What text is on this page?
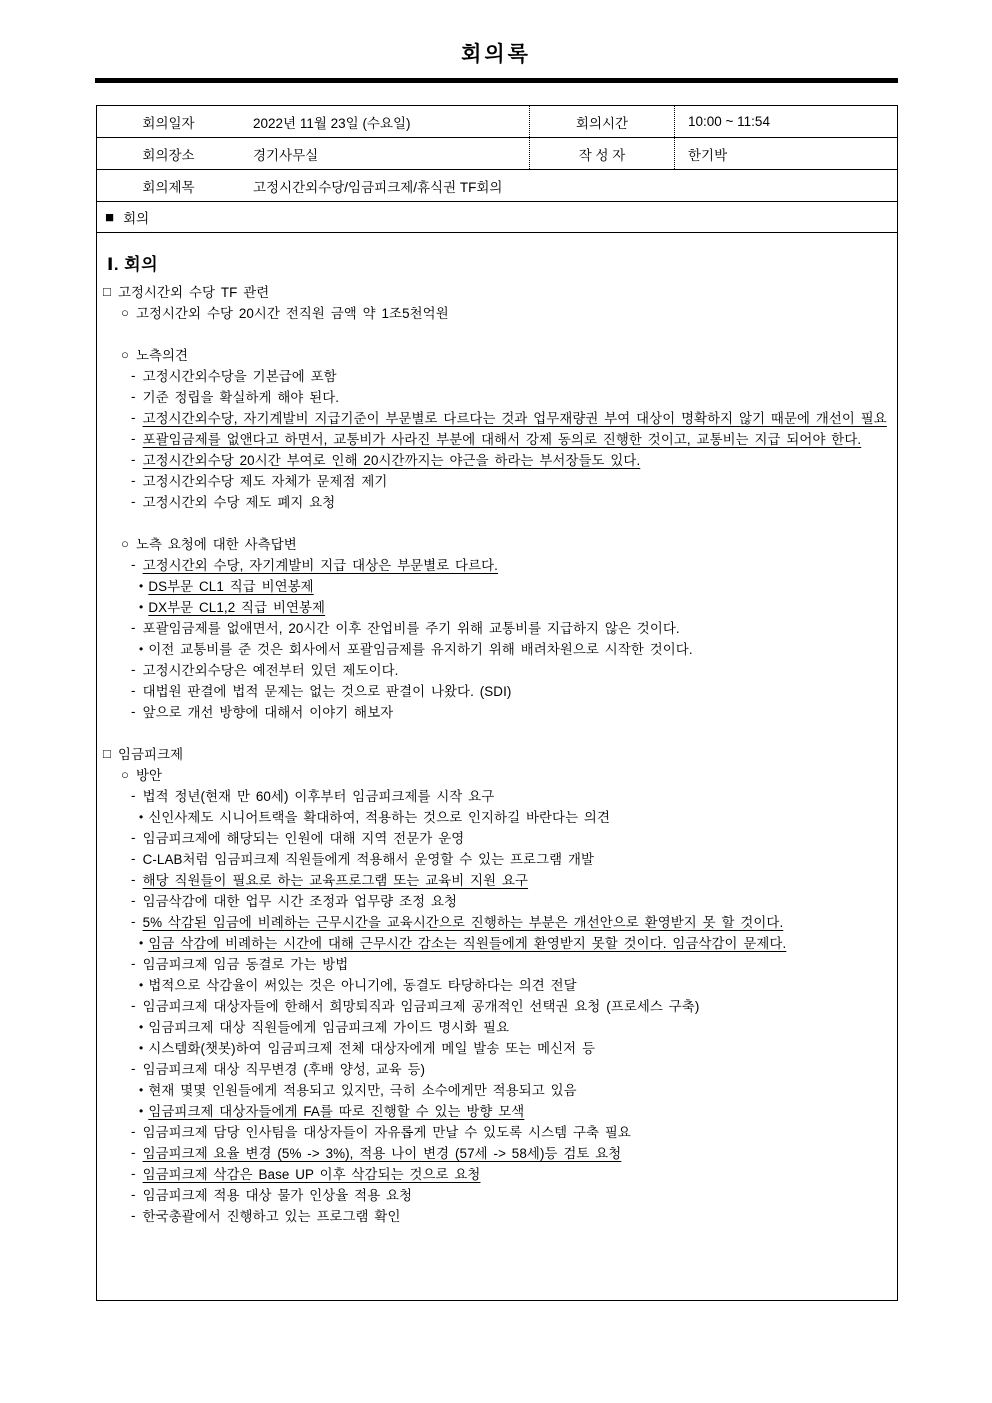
회의록
회의일자	2022년 11월 23일 (수요일)	회의시간	10:00 ~ 11:54
회의장소	경기사무실	작 성 자	한기박
회의제목	고정시간외수당/임금피크제/휴식권 TF회의
■ 회의
Ⅰ. 회의
□ 고정시간외 수당 TF 관련
○ 고정시간외 수당 20시간 전직원 금액 약 1조5천억원
○ 노측의견
- 고정시간외수당을 기본급에 포함
- 기준 정립을 확실하게 해야 된다.
- 고정시간외수당, 자기계발비 지급기준이 부문별로 다르다는 것과 업무재량권 부여 대상이 명확하지 않기 때문에 개선이 필요
- 포괄임금제를 없앤다고 하면서, 교통비가 사라진 부분에 대해서 강제 동의로 진행한 것이고, 교통비는 지급 되어야 한다.
- 고정시간외수당 20시간 부여로 인해 20시간까지는 야근을 하라는 부서장들도 있다.
- 고정시간외수당 제도 자체가 문제점 제기
- 고정시간외 수당 제도 폐지 요청
○ 노측 요청에 대한 사측답변
- 고정시간외 수당, 자기계발비 지급 대상은 부문별로 다르다.
• DS부문 CL1 직급 비연봉제
• DX부문 CL1,2 직급 비연봉제
- 포괄임금제를 없애면서, 20시간 이후 잔업비를 주기 위해 교통비를 지급하지 않은 것이다.
• 이전 교통비를 준 것은 회사에서 포괄임금제를 유지하기 위해 배려차원으로 시작한 것이다.
- 고정시간외수당은 예전부터 있던 제도이다.
- 대법원 판결에 법적 문제는 없는 것으로 판결이 나왔다. (SDI)
- 앞으로 개선 방향에 대해서 이야기 해보자
□ 임금피크제
○ 방안
- 법적 정년(현재 만 60세) 이후부터 임금피크제를 시작 요구
• 신인사제도 시니어트랙을 확대하여, 적용하는 것으로 인지하길 바란다는 의견
- 임금피크제에 해당되는 인원에 대해 지역 전문가 운영
- C-LAB처럼 임금피크제 직원들에게 적용해서 운영할 수 있는 프로그램 개발
- 해당 직원들이 필요로 하는 교육프로그램 또는 교육비 지원 요구
- 임금삭감에 대한 업무 시간 조정과 업무량 조정 요청
- 5% 삭감된 임금에 비례하는 근무시간을 교육시간으로 진행하는 부분은 개선안으로 환영받지 못 할 것이다.
• 임금 삭감에 비례하는 시간에 대해 근무시간 감소는 직원들에게 환영받지 못할 것이다. 임금삭감이 문제다.
- 임금피크제 임금 동결로 가는 방법
• 법적으로 삭감율이 써있는 것은 아니기에, 동결도 타당하다는 의견 전달
- 임금피크제 대상자들에 한해서 희망퇴직과 임금피크제 공개적인 선택권 요청 (프로세스 구축)
• 임금피크제 대상 직원들에게 임금피크제 가이드 명시화 필요
• 시스템화(챗봇)하여 임금피크제 전체 대상자에게 메일 발송 또는 메신저 등
- 임금피크제 대상 직무변경 (후배 양성, 교육 등)
• 현재 몇몇 인원들에게 적용되고 있지만, 극히 소수에게만 적용되고 있음
• 임금피크제 대상자들에게 FA를 따로 진행할 수 있는 방향 모색
- 임금피크제 담당 인사팀을 대상자들이 자유롭게 만날 수 있도록 시스템 구축 필요
- 임금피크제 요율 변경 (5% -> 3%), 적용 나이 변경 (57세 -> 58세)등 검토 요청
- 임금피크제 삭감은 Base UP 이후 삭감되는 것으로 요청
- 임금피크제 적용 대상 물가 인상율 적용 요청
- 한국총괄에서 진행하고 있는 프로그램 확인
